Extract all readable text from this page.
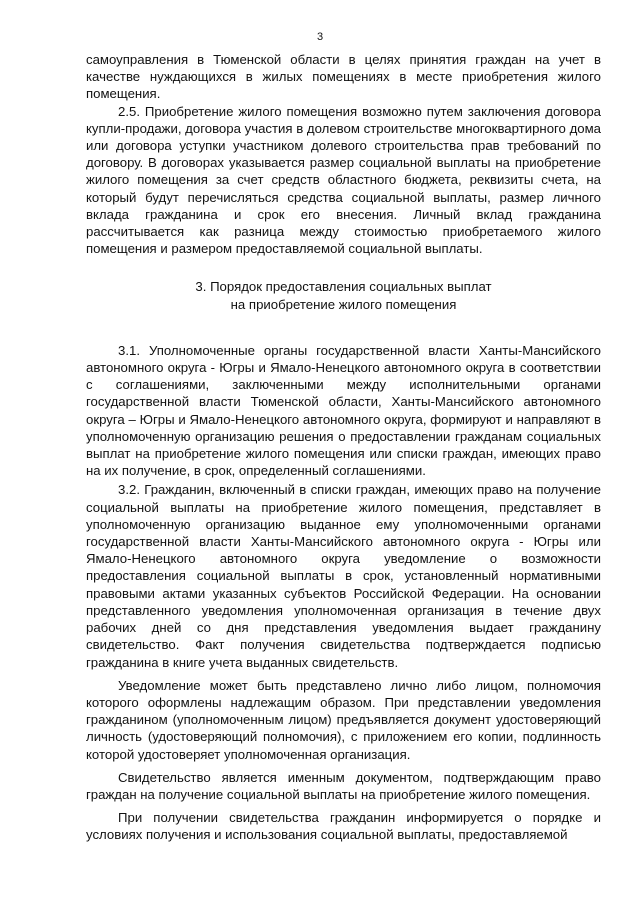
3

самоуправления в Тюменской области в целях принятия граждан на учет в качестве нуждающихся в жилых помещениях в месте приобретения жилого помещения.

2.5. Приобретение жилого помещения возможно путем заключения договора купли-продажи, договора участия в долевом строительстве многоквартирного дома или договора уступки участником долевого строительства прав требований по договору. В договорах указывается размер социальной выплаты на приобретение жилого помещения за счет средств областного бюджета, реквизиты счета, на который будут перечисляться средства социальной выплаты, размер личного вклада гражданина и срок его внесения. Личный вклад гражданина рассчитывается как разница между стоимостью приобретаемого жилого помещения и размером предоставляемой социальной выплаты.

3. Порядок предоставления социальных выплат
на приобретение жилого помещения

3.1. Уполномоченные органы государственной власти Ханты-Мансийского автономного округа - Югры и Ямало-Ненецкого автономного округа в соответствии с соглашениями, заключенными между исполнительными органами государственной власти Тюменской области, Ханты-Мансийского автономного округа – Югры и Ямало-Ненецкого автономного округа, формируют и направляют в уполномоченную организацию решения о предоставлении гражданам социальных выплат на приобретение жилого помещения или списки граждан, имеющих право на их получение, в срок, определенный соглашениями.

3.2. Гражданин, включенный в списки граждан, имеющих право на получение социальной выплаты на приобретение жилого помещения, представляет в уполномоченную организацию выданное ему уполномоченными органами государственной власти Ханты-Мансийского автономного округа - Югры или Ямало-Ненецкого автономного округа уведомление о возможности предоставления социальной выплаты в срок, установленный нормативными правовыми актами указанных субъектов Российской Федерации. На основании представленного уведомления уполномоченная организация в течение двух рабочих дней со дня представления уведомления выдает гражданину свидетельство. Факт получения свидетельства подтверждается подписью гражданина в книге учета выданных свидетельств.

Уведомление может быть представлено лично либо лицом, полномочия которого оформлены надлежащим образом. При представлении уведомления гражданином (уполномоченным лицом) предъявляется документ удостоверяющий личность (удостоверяющий полномочия), с приложением его копии, подлинность которой удостоверяет уполномоченная организация.

Свидетельство является именным документом, подтверждающим право граждан на получение социальной выплаты на приобретение жилого помещения.

При получении свидетельства гражданин информируется о порядке и условиях получения и использования социальной выплаты, предоставляемой
